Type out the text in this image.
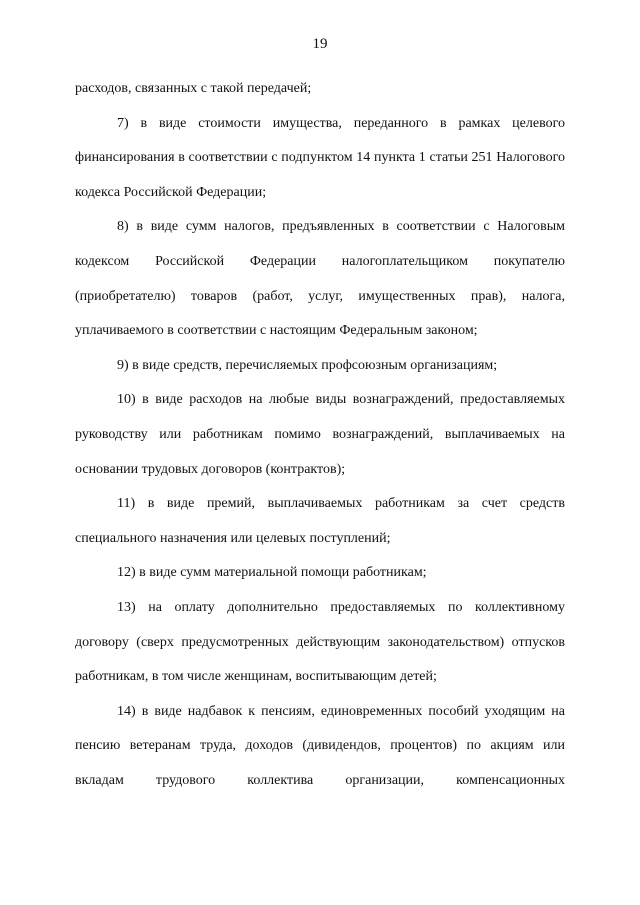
19

расходов, связанных с такой передачей;

7) в виде стоимости имущества, переданного в рамках целевого финансирования в соответствии с подпунктом 14 пункта 1 статьи 251 Налогового кодекса Российской Федерации;

8) в виде сумм налогов, предъявленных в соответствии с Налоговым кодексом Российской Федерации налогоплательщиком покупателю (приобретателю) товаров (работ, услуг, имущественных прав), налога, уплачиваемого в соответствии с настоящим Федеральным законом;

9) в виде средств, перечисляемых профсоюзным организациям;

10) в виде расходов на любые виды вознаграждений, предоставляемых руководству или работникам помимо вознаграждений, выплачиваемых на основании трудовых договоров (контрактов);

11) в виде премий, выплачиваемых работникам за счет средств специального назначения или целевых поступлений;

12) в виде сумм материальной помощи работникам;

13) на оплату дополнительно предоставляемых по коллективному договору (сверх предусмотренных действующим законодательством) отпусков работникам, в том числе женщинам, воспитывающим детей;

14) в виде надбавок к пенсиям, единовременных пособий уходящим на пенсию ветеранам труда, доходов (дивидендов, процентов) по акциям или вкладам трудового коллектива организации, компенсационных
